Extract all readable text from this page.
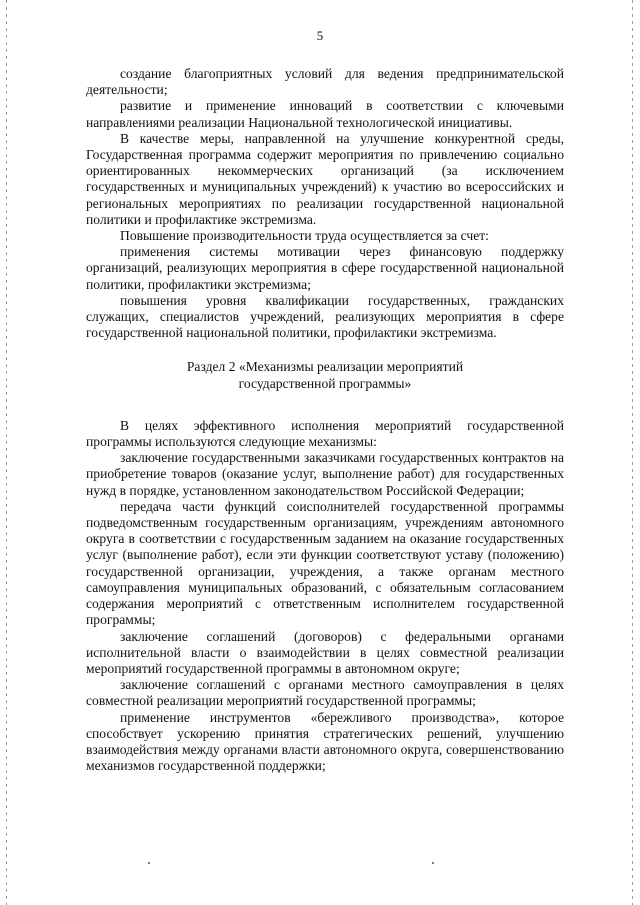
5

создание благоприятных условий для ведения предпринимательской деятельности;

развитие и применение инноваций в соответствии с ключевыми направлениями реализации Национальной технологической инициативы.

В качестве меры, направленной на улучшение конкурентной среды, Государственная программа содержит мероприятия по привлечению социально ориентированных некоммерческих организаций (за исключением государственных и муниципальных учреждений) к участию во всероссийских и региональных мероприятиях по реализации государственной национальной политики и профилактике экстремизма.

Повышение производительности труда осуществляется за счет:

применения системы мотивации через финансовую поддержку организаций, реализующих мероприятия в сфере государственной национальной политики, профилактики экстремизма;

повышения уровня квалификации государственных, гражданских служащих, специалистов учреждений, реализующих мероприятия в сфере государственной национальной политики, профилактики экстремизма.

Раздел 2 «Механизмы реализации мероприятий
государственной программы»

В целях эффективного исполнения мероприятий государственной программы используются следующие механизмы:

заключение государственными заказчиками государственных контрактов на приобретение товаров (оказание услуг, выполнение работ) для государственных нужд в порядке, установленном законодательством Российской Федерации;

передача части функций соисполнителей государственной программы подведомственным государственным организациям, учреждениям автономного округа в соответствии с государственным заданием на оказание государственных услуг (выполнение работ), если эти функции соответствуют уставу (положению) государственной организации, учреждения, а также органам местного самоуправления муниципальных образований, с обязательным согласованием содержания мероприятий с ответственным исполнителем государственной программы;

заключение соглашений (договоров) с федеральными органами исполнительной власти о взаимодействии в целях совместной реализации мероприятий государственной программы в автономном округе;

заключение соглашений с органами местного самоуправления в целях совместной реализации мероприятий государственной программы;

применение инструментов «бережливого производства», которое способствует ускорению принятия стратегических решений, улучшению взаимодействия между органами власти автономного округа, совершенствованию механизмов государственной поддержки;
